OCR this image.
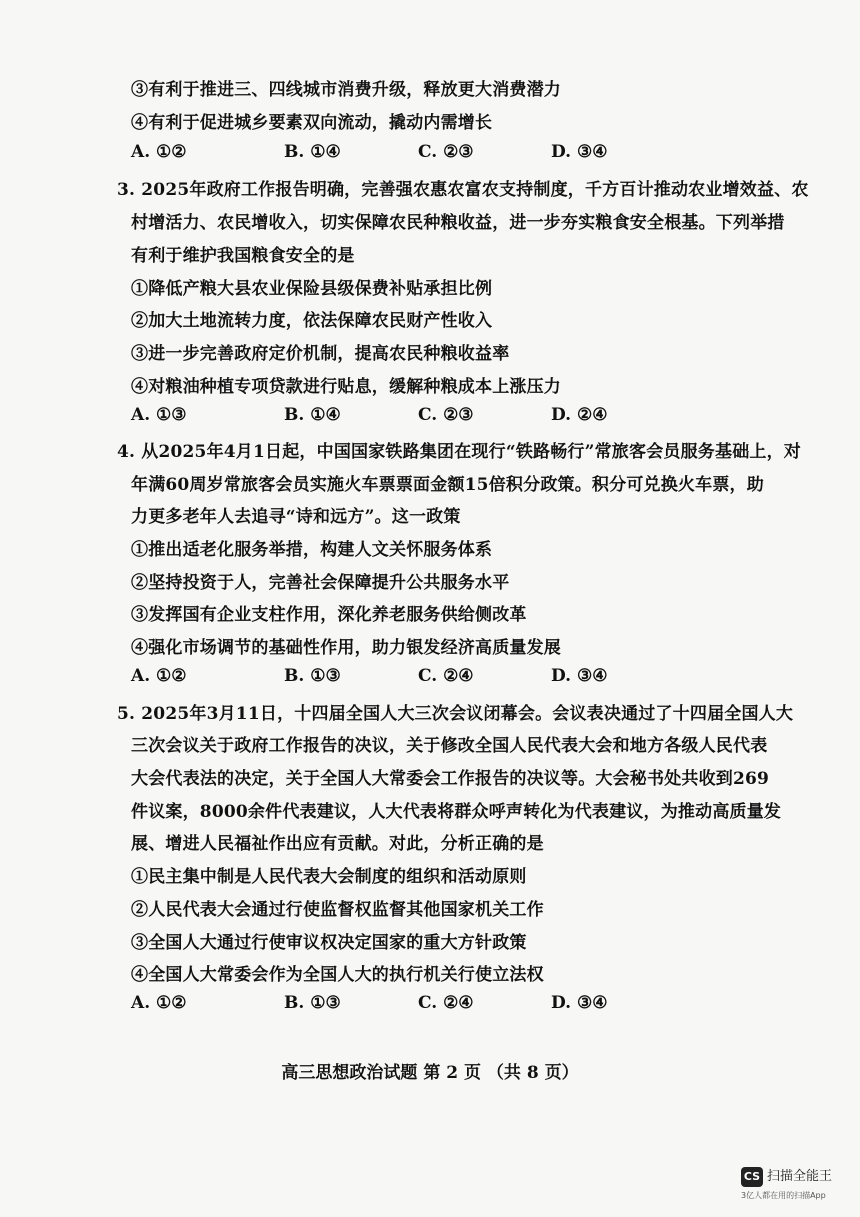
③有利于推进三、四线城市消费升级，释放更大消费潜力
④有利于促进城乡要素双向流动，撬动内需增长
A. ①②	B. ①④	C. ②③	D. ③④
3. 2025年政府工作报告明确，完善强农惠农富农支持制度，千方百计推动农业增效益、农
村增活力、农民增收入，切实保障农民种粮收益，进一步夯实粮食安全根基。下列举措
有利于维护我国粮食安全的是
①降低产粮大县农业保险县级保费补贴承担比例
②加大土地流转力度，依法保障农民财产性收入
③进一步完善政府定价机制，提高农民种粮收益率
④对粮油种植专项贷款进行贴息，缓解种粮成本上涨压力
A. ①③	B. ①④	C. ②③	D. ②④
4. 从2025年4月1日起，中国国家铁路集团在现行“铁路畅行”常旅客会员服务基础上，对
年满60周岁常旅客会员实施火车票票面金额15倍积分政策。积分可兑换火车票，助
力更多老年人去追寻“诗和远方”。这一政策
①推出适老化服务举措，构建人文关怀服务体系
②坚持投资于人，完善社会保障提升公共服务水平
③发挥国有企业支柱作用，深化养老服务供给侧改革
④强化市场调节的基础性作用，助力银发经济高质量发展
A. ①②	B. ①③	C. ②④	D. ③④
5. 2025年3月11日，十四届全国人大三次会议闭幕会。会议表决通过了十四届全国人大
三次会议关于政府工作报告的决议，关于修改全国人民代表大会和地方各级人民代表
大会代表法的决定，关于全国人大常委会工作报告的决议等。大会秘书处共收到269
件议案，8000余件代表建议，人大代表将群众呼声转化为代表建议，为推动高质量发
展、增进人民福祉作出应有贡献。对此，分析正确的是
①民主集中制是人民代表大会制度的组织和活动原则
②人民代表大会通过行使监督权监督其他国家机关工作
③全国人大通过行使审议权决定国家的重大方针政策
④全国人大常委会作为全国人大的执行机关行使立法权
A. ①②	B. ①③	C. ②④	D. ③④
高三思想政治试题 第 2 页 （共 8 页）
CS 扫描全能王
3亿人都在用的扫描App
